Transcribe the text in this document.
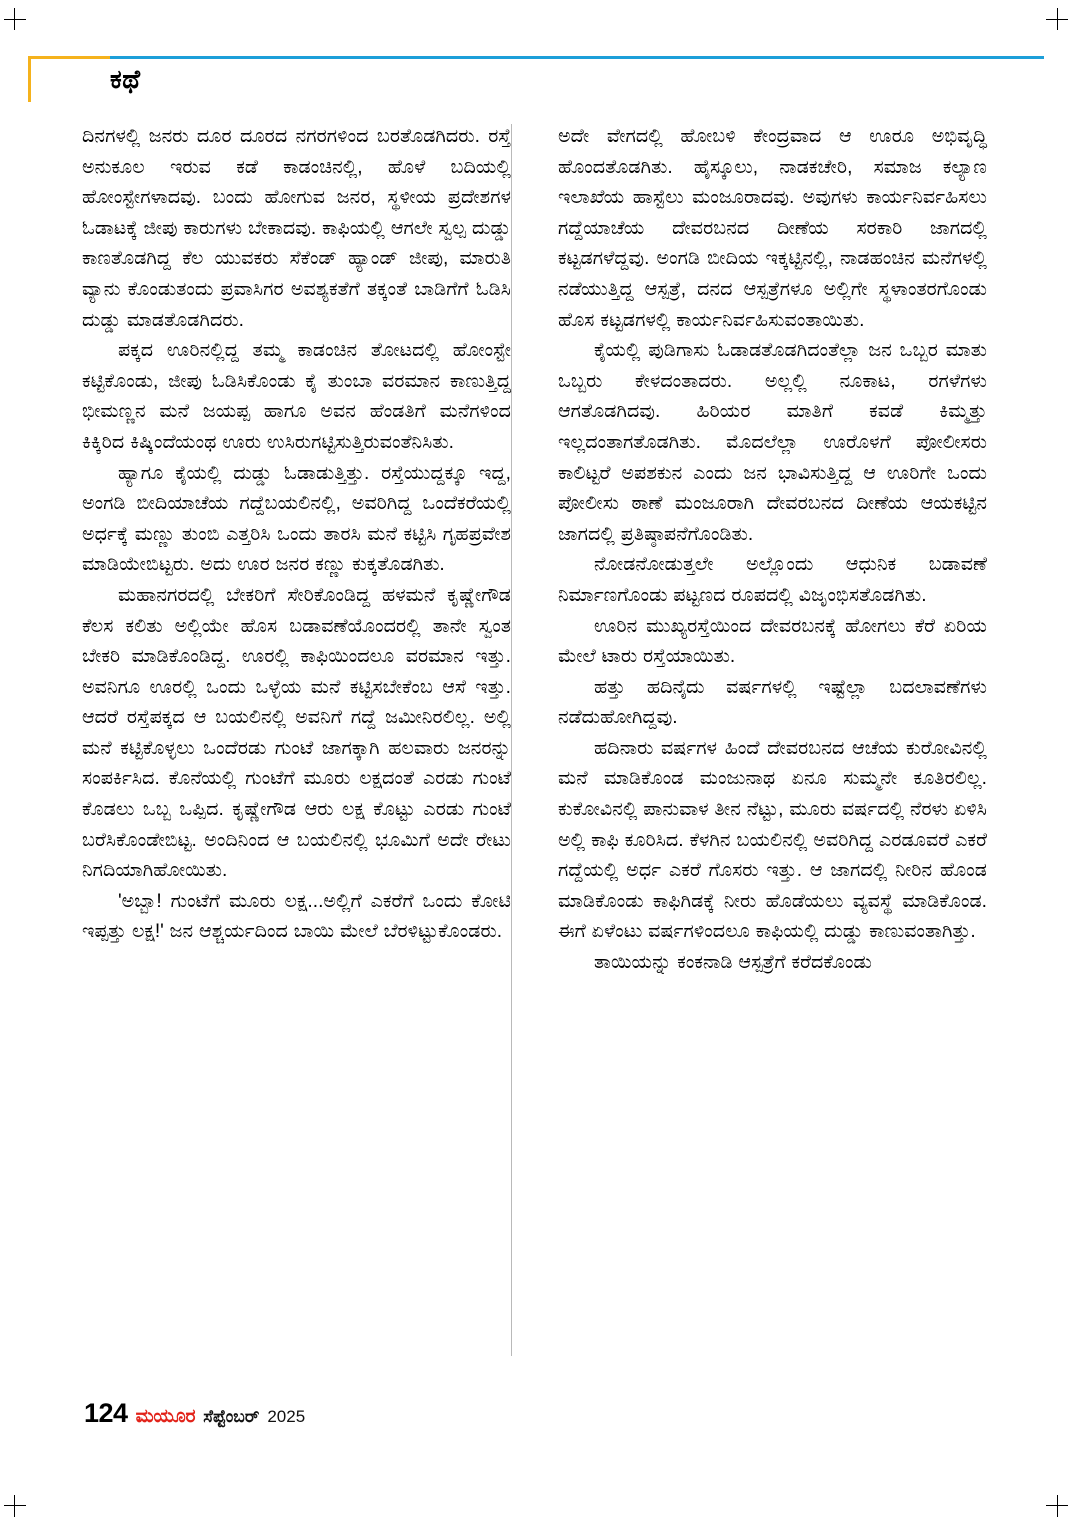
ಕಥೆ

ದಿನಗಳಲ್ಲಿ ಜನರು ದೂರ ದೂರದ ನಗರಗಳಿಂದ ಬರತೊಡಗಿದರು. ರಸ್ತೆ ಅನುಕೂಲ ಇರುವ ಕಡೆ ಕಾಡಂಚಿನಲ್ಲಿ, ಹೊಳೆ ಬದಿಯಲ್ಲಿ ಹೋಂಸ್ಟೇಗಳಾದವು. ಬಂದು ಹೋಗುವ ಜನರ, ಸ್ಥಳೀಯ ಪ್ರದೇಶಗಳ ಓಡಾಟಕ್ಕೆ ಜೀಪು ಕಾರುಗಳು ಬೇಕಾದವು. ಕಾಫಿಯಲ್ಲಿ ಆಗಲೇ ಸ್ವಲ್ಪ ದುಡ್ಡು ಕಾಣತೊಡಗಿದ್ದ ಕೆಲ ಯುವಕರು ಸೆಕೆಂಡ್ ಹ್ಯಾಂಡ್ ಜೀಪು, ಮಾರುತಿ ವ್ಯಾನು ಕೊಂಡುತಂದು ಪ್ರವಾಸಿಗರ ಅವಶ್ಯಕತೆಗೆ ತಕ್ಕಂತೆ ಬಾಡಿಗೆಗೆ ಓಡಿಸಿ ದುಡ್ಡು ಮಾಡತೊಡಗಿದರು.

ಪಕ್ಕದ ಊರಿನಲ್ಲಿದ್ದ ತಮ್ಮ ಕಾಡಂಚಿನ ತೋಟದಲ್ಲಿ ಹೋಂಸ್ಟೇ ಕಟ್ಟಿಕೊಂಡು, ಜೀಪು ಓಡಿಸಿಕೊಂಡು ಕೈ ತುಂಬಾ ವರಮಾನ ಕಾಣುತ್ತಿದ್ದ ಭೀಮಣ್ಣನ ಮನೆ ಜಯಪ್ಪ ಹಾಗೂ ಅವನ ಹೆಂಡತಿಗೆ ಮನೆಗಳಿಂದ ಕಿಕ್ಕಿರಿದ ಕಿಷ್ಕಿಂದೆಯಂಥ ಊರು ಉಸಿರುಗಟ್ಟಿಸುತ್ತಿರುವಂತೆನಿಸಿತು.

ಹ್ಯಾಗೂ ಕೈಯಲ್ಲಿ ದುಡ್ಡು ಓಡಾಡುತ್ತಿತ್ತು. ರಸ್ತೆಯುದ್ದಕ್ಕೂ ಇದ್ದ, ಅಂಗಡಿ ಬೀದಿಯಾಚೆಯ ಗದ್ದೆಬಯಲಿನಲ್ಲಿ, ಅವರಿಗಿದ್ದ ಒಂದೆಕರೆಯಲ್ಲಿ ಅರ್ಧಕ್ಕೆ ಮಣ್ಣು ತುಂಬಿ ಎತ್ತರಿಸಿ ಒಂದು ತಾರಸಿ ಮನೆ ಕಟ್ಟಿಸಿ ಗೃಹಪ್ರವೇಶ ಮಾಡಿಯೇಬಿಟ್ಟರು. ಅದು ಊರ ಜನರ ಕಣ್ಣು ಕುಕ್ಕತೊಡಗಿತು.

ಮಹಾನಗರದಲ್ಲಿ ಬೇಕರಿಗೆ ಸೇರಿಕೊಂಡಿದ್ದ ಹಳಮನೆ ಕೃಷ್ಣೇಗೌಡ ಕೆಲಸ ಕಲಿತು ಅಲ್ಲಿಯೇ ಹೊಸ ಬಡಾವಣೆಯೊಂದರಲ್ಲಿ ತಾನೇ ಸ್ವಂತ ಬೇಕರಿ ಮಾಡಿಕೊಂಡಿದ್ದ. ಊರಲ್ಲಿ ಕಾಫಿಯಿಂದಲೂ ವರಮಾನ ಇತ್ತು. ಅವನಿಗೂ ಊರಲ್ಲಿ ಒಂದು ಒಳ್ಳೆಯ ಮನೆ ಕಟ್ಟಿಸಬೇಕೆಂಬ ಆಸೆ ಇತ್ತು. ಆದರೆ ರಸ್ತೆಪಕ್ಕದ ಆ ಬಯಲಿನಲ್ಲಿ ಅವನಿಗೆ ಗದ್ದೆ ಜಮೀನಿರಲಿಲ್ಲ. ಅಲ್ಲಿ ಮನೆ ಕಟ್ಟಿಕೊಳ್ಳಲು ಒಂದೆರಡು ಗುಂಟೆ ಜಾಗಕ್ಕಾಗಿ ಹಲವಾರು ಜನರನ್ನು ಸಂಪರ್ಕಿಸಿದ. ಕೊನೆಯಲ್ಲಿ ಗುಂಟೆಗೆ ಮೂರು ಲಕ್ಷದಂತೆ ಎರಡು ಗುಂಟೆ ಕೊಡಲು ಒಬ್ಬ ಒಪ್ಪಿದ. ಕೃಷ್ಣೇಗೌಡ ಆರು ಲಕ್ಷ ಕೊಟ್ಟು ಎರಡು ಗುಂಟೆ ಬರೆಸಿಕೊಂಡೇಬಿಟ್ಟ. ಅಂದಿನಿಂದ ಆ ಬಯಲಿನಲ್ಲಿ ಭೂಮಿಗೆ ಅದೇ ರೇಟು ನಿಗದಿಯಾಗಿಹೋಯಿತು.

'ಅಬ್ಬಾ! ಗುಂಟೆಗೆ ಮೂರು ಲಕ್ಷ...ಅಲ್ಲಿಗೆ ಎಕರೆಗೆ ಒಂದು ಕೋಟಿ ಇಪ್ಪತ್ತು ಲಕ್ಷ!' ಜನ ಆಶ್ಚರ್ಯದಿಂದ ಬಾಯಿ ಮೇಲೆ ಬೆರಳಿಟ್ಟುಕೊಂಡರು.

ಅದೇ ವೇಗದಲ್ಲಿ ಹೋಬಳಿ ಕೇಂದ್ರವಾದ ಆ ಊರೂ ಅಭಿವೃದ್ಧಿ ಹೊಂದತೊಡಗಿತು. ಹೈಸ್ಕೂಲು, ನಾಡಕಚೇರಿ, ಸಮಾಜ ಕಲ್ಯಾಣ ಇಲಾಖೆಯ ಹಾಸ್ಟೆಲು ಮಂಜೂರಾದವು. ಅವುಗಳು ಕಾರ್ಯನಿರ್ವಹಿಸಲು ಗದ್ದೆಯಾಚೆಯ ದೇವರಬನದ ದೀಣೆಯ ಸರಕಾರಿ ಜಾಗದಲ್ಲಿ ಕಟ್ಟಡಗಳೆದ್ದವು. ಅಂಗಡಿ ಬೀದಿಯ ಇಕ್ಕಟ್ಟಿನಲ್ಲಿ, ನಾಡಹಂಚಿನ ಮನೆಗಳಲ್ಲಿ ನಡೆಯುತ್ತಿದ್ದ ಆಸ್ಪತ್ರೆ, ದನದ ಆಸ್ಪತ್ರೆಗಳೂ ಅಲ್ಲಿಗೇ ಸ್ಥಳಾಂತರಗೊಂಡು ಹೊಸ ಕಟ್ಟಡಗಳಲ್ಲಿ ಕಾರ್ಯನಿರ್ವಹಿಸುವಂತಾಯಿತು.

ಕೈಯಲ್ಲಿ ಪುಡಿಗಾಸು ಓಡಾಡತೊಡಗಿದಂತೆಲ್ಲಾ ಜನ ಒಬ್ಬರ ಮಾತು ಒಬ್ಬರು ಕೇಳದಂತಾದರು. ಅಲ್ಲಲ್ಲಿ ನೂಕಾಟ, ರಗಳೆಗಳು ಆಗತೊಡಗಿದವು. ಹಿರಿಯರ ಮಾತಿಗೆ ಕವಡೆ ಕಿಮ್ಮತ್ತು ಇಲ್ಲದಂತಾಗತೊಡಗಿತು. ಮೊದಲೆಲ್ಲಾ ಊರೊಳಗೆ ಪೋಲೀಸರು ಕಾಲಿಟ್ಟರೆ ಅಪಶಕುನ ಎಂದು ಜನ ಭಾವಿಸುತ್ತಿದ್ದ ಆ ಊರಿಗೇ ಒಂದು ಪೋಲೀಸು ಠಾಣೆ ಮಂಜೂರಾಗಿ ದೇವರಬನದ ದೀಣೆಯ ಆಯಕಟ್ಟಿನ ಜಾಗದಲ್ಲಿ ಪ್ರತಿಷ್ಠಾಪನೆಗೊಂಡಿತು.

ನೋಡನೋಡುತ್ತಲೇ ಅಲ್ಲೊಂದು ಆಧುನಿಕ ಬಡಾವಣೆ ನಿರ್ಮಾಣಗೊಂಡು ಪಟ್ಟಣದ ರೂಪದಲ್ಲಿ ವಿಜೃಂಭಿಸತೊಡಗಿತು.

ಊರಿನ ಮುಖ್ಯರಸ್ತೆಯಿಂದ ದೇವರಬನಕ್ಕೆ ಹೋಗಲು ಕೆರೆ ಏರಿಯ ಮೇಲೆ ಟಾರು ರಸ್ತೆಯಾಯಿತು.

ಹತ್ತು ಹದಿನೈದು ವರ್ಷಗಳಲ್ಲಿ ಇಷ್ಟೆಲ್ಲಾ ಬದಲಾವಣೆಗಳು ನಡೆದುಹೋಗಿದ್ದವು.

ಹದಿನಾರು ವರ್ಷಗಳ ಹಿಂದೆ ದೇವರಬನದ ಆಚೆಯ ಕುರೋವಿನಲ್ಲಿ ಮನೆ ಮಾಡಿಕೊಂಡ ಮಂಜುನಾಥ ಏನೂ ಸುಮ್ಮನೇ ಕೂತಿರಲಿಲ್ಲ. ಕುಕೋವಿನಲ್ಲಿ ಪಾನುವಾಳ ತೀನ ನೆಟ್ಟು, ಮೂರು ವರ್ಷದಲ್ಲಿ ನೆರಳು ಏಳಿಸಿ ಅಲ್ಲಿ ಕಾಫಿ ಕೂರಿಸಿದ. ಕೆಳಗಿನ ಬಯಲಿನಲ್ಲಿ ಅವರಿಗಿದ್ದ ಎರಡೂವರೆ ಎಕರೆ ಗದ್ದೆಯಲ್ಲಿ ಅರ್ಧ ಎಕರೆ ಗೊಸರು ಇತ್ತು. ಆ ಜಾಗದಲ್ಲಿ ನೀರಿನ ಹೊಂಡ ಮಾಡಿಕೊಂಡು ಕಾಫಿಗಿಡಕ್ಕೆ ನೀರು ಹೊಡೆಯಲು ವ್ಯವಸ್ಥೆ ಮಾಡಿಕೊಂಡ. ಈಗೆ ಏಳೆಂಟು ವರ್ಷಗಳಿಂದಲೂ ಕಾಫಿಯಲ್ಲಿ ದುಡ್ಡು ಕಾಣುವಂತಾಗಿತ್ತು.

ತಾಯಿಯನ್ನು ಕಂಕನಾಡಿ ಆಸ್ಪತ್ರೆಗೆ ಕರೆದಕೊಂಡು

124 ಮಯೂರ ಸೆಪ್ಟೆಂಬರ್ 2025
